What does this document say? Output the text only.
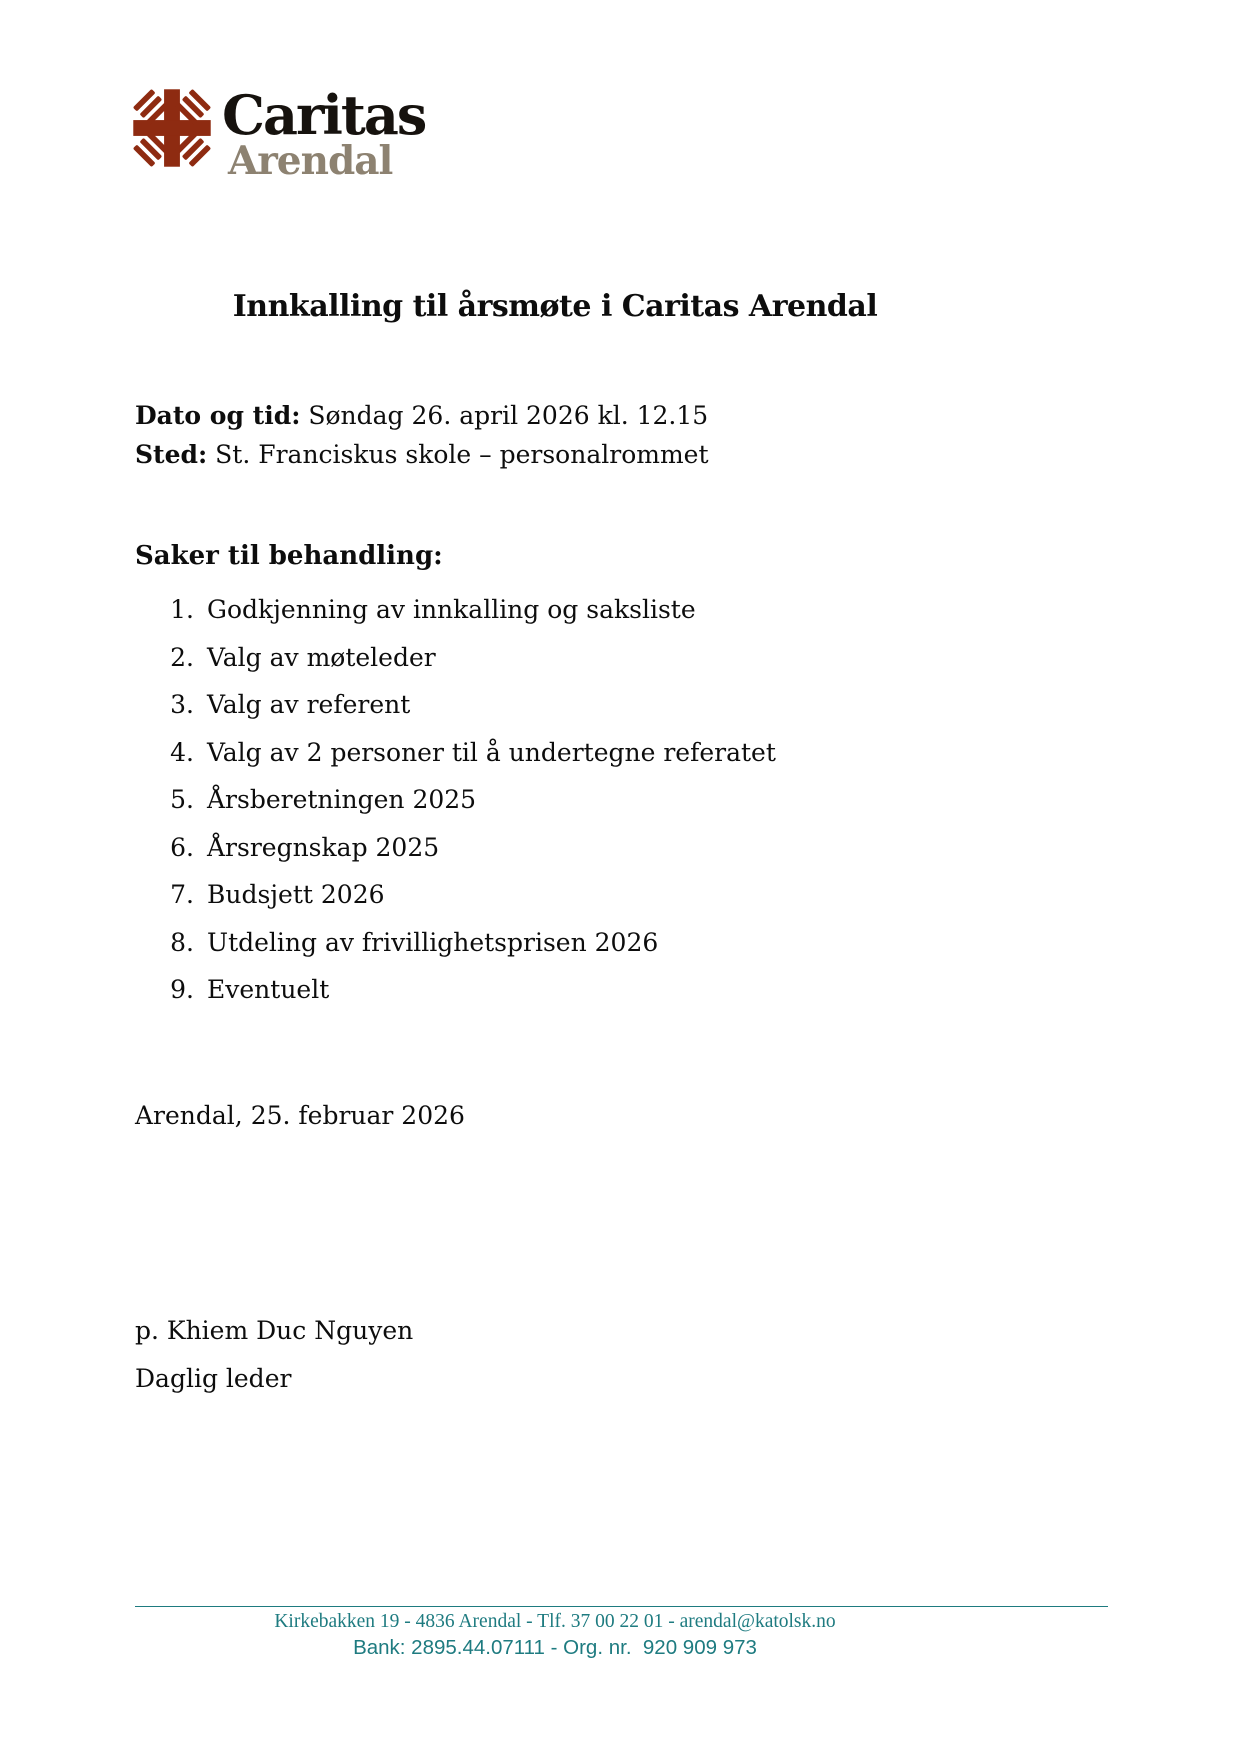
Caritas
Arendal
Innkalling til årsmøte i Caritas Arendal

Dato og tid: Søndag 26. april 2026 kl. 12.15

Sted: St. Franciskus skole – personalrommet

Saker til behandling:
1. Godkjenning av innkalling og saksliste
2. Valg av møteleder
3. Valg av referent
4. Valg av 2 personer til å undertegne referatet
5. Årsberetningen 2025
6. Årsregnskap 2025
7. Budsjett 2026
8. Utdeling av frivillighetsprisen 2026
9. Eventuelt

Arendal, 25. februar 2026

p. Khiem Duc Nguyen

Daglig leder

Kirkebakken 19 - 4836 Arendal - Tlf. 37 00 22 01 - arendal@katolsk.no
Bank: 2895.44.07111 - Org. nr.  920 909 973
